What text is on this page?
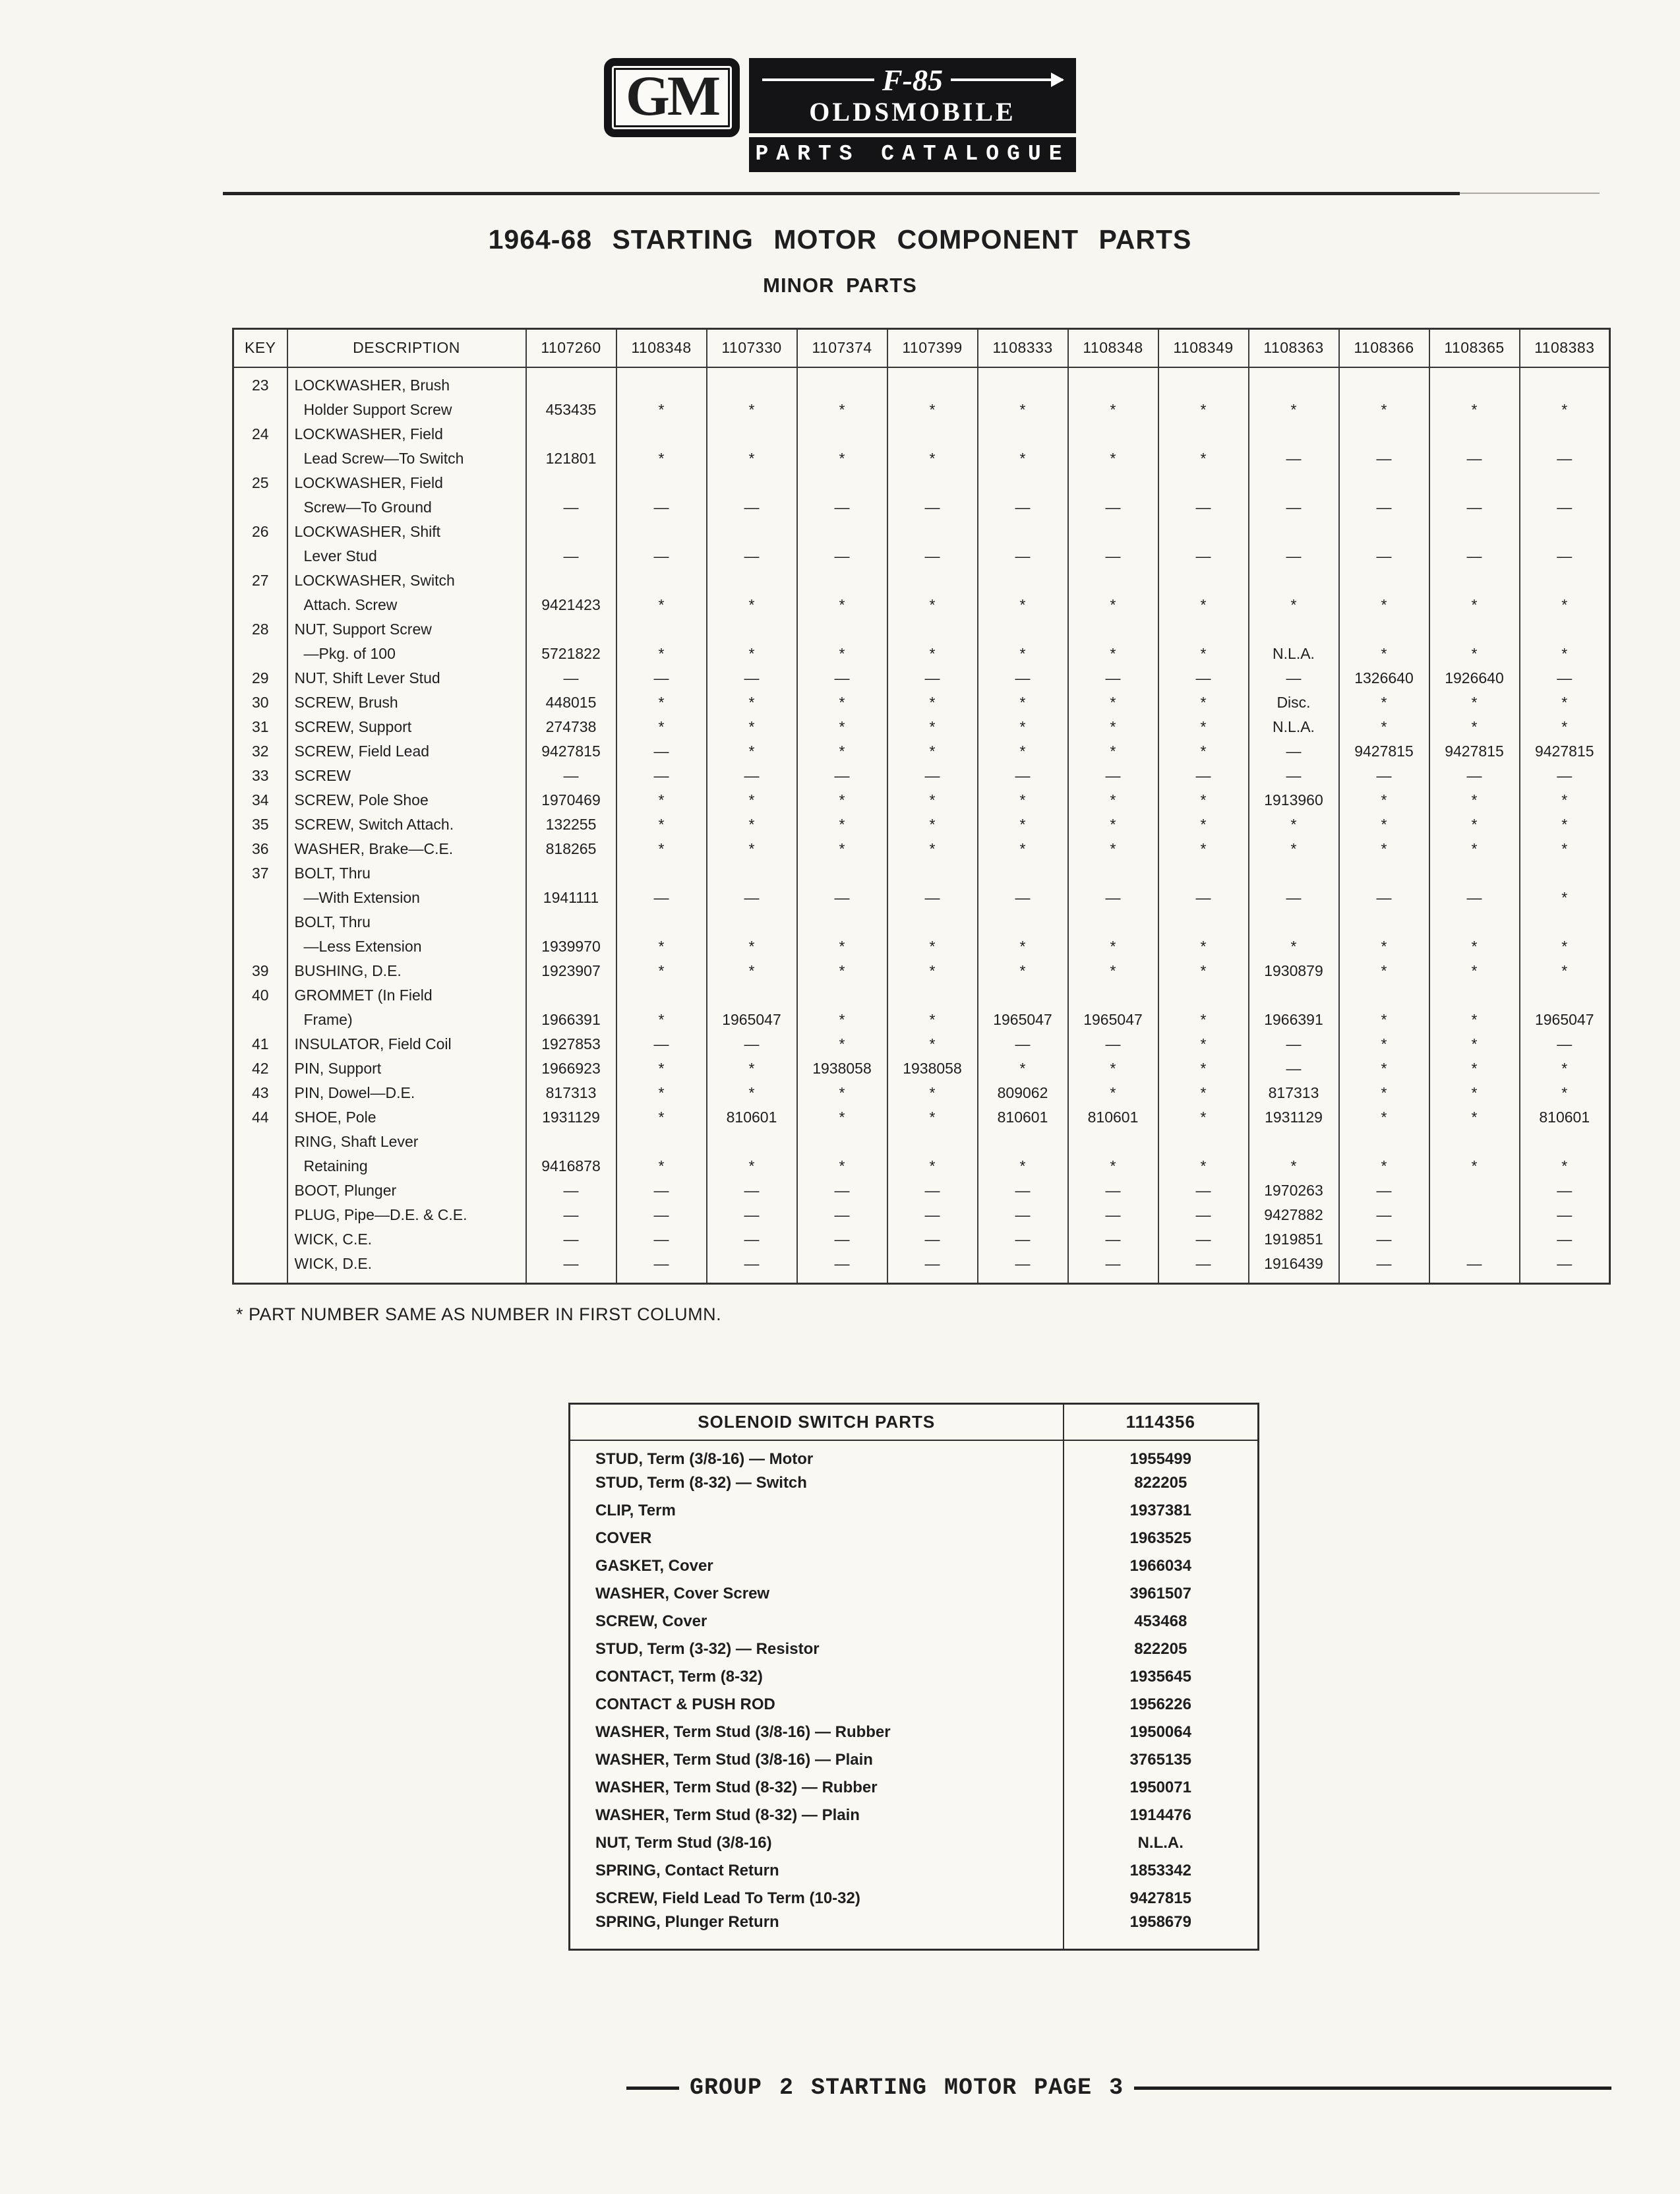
GM	F-85
OLDSMOBILE
PARTS CATALOGUE
1964-68 STARTING MOTOR COMPONENT PARTS
MINOR PARTS
KEY	DESCRIPTION	1107260	1108348	1107330	1107374	1107399	1108333	1108348	1108349	1108363	1108366	1108365	1108383
23	LOCKWASHER, Brush
Holder Support Screw	453435	*	*	*	*	*	*	*	*	*	*	*
24	LOCKWASHER, Field
Lead Screw—To Switch	121801	*	*	*	*	*	*	*	—	—	—	—
25	LOCKWASHER, Field
Screw—To Ground	—	—	—	—	—	—	—	—	—	—	—	—
26	LOCKWASHER, Shift
Lever Stud	—	—	—	—	—	—	—	—	—	—	—	—
27	LOCKWASHER, Switch
Attach. Screw	9421423	*	*	*	*	*	*	*	*	*	*	*
28	NUT, Support Screw
—Pkg. of 100	5721822	*	*	*	*	*	*	*	N.L.A.	*	*	*
29	NUT, Shift Lever Stud	—	—	—	—	—	—	—	—	—	1326640	1926640	—
30	SCREW, Brush	448015	*	*	*	*	*	*	*	Disc.	*	*	*
31	SCREW, Support	274738	*	*	*	*	*	*	*	N.L.A.	*	*	*
32	SCREW, Field Lead	9427815	—	*	*	*	*	*	*	—	9427815	9427815	9427815
33	SCREW	—	—	—	—	—	—	—	—	—	—	—	—
34	SCREW, Pole Shoe	1970469	*	*	*	*	*	*	*	1913960	*	*	*
35	SCREW, Switch Attach.	132255	*	*	*	*	*	*	*	*	*	*	*
36	WASHER, Brake—C.E.	818265	*	*	*	*	*	*	*	*	*	*	*
37	BOLT, Thru
—With Extension	1941111	—	—	—	—	—	—	—	—	—	—	*

	BOLT, Thru
—Less Extension	1939970	*	*	*	*	*	*	*	*	*	*	*
39	BUSHING, D.E.	1923907	*	*	*	*	*	*	*	1930879	*	*	*
40	GROMMET (In Field
Frame)	1966391	*	1965047	*	*	1965047	1965047	*	1966391	*	*	1965047
41	INSULATOR, Field Coil	1927853	—	—	*	*	—	—	*	—	*	*	—
42	PIN, Support	1966923	*	*	1938058	1938058	*	*	*	—	*	*	*
43	PIN, Dowel—D.E.	817313	*	*	*	*	809062	*	*	817313	*	*	*
44	SHOE, Pole	1931129	*	810601	*	*	810601	810601	*	1931129	*	*	810601

	RING, Shaft Lever
Retaining	9416878	*	*	*	*	*	*	*	*	*	*	*

	BOOT, Plunger	—	—	—	—	—	—	—	—	1970263	—		—

	PLUG, Pipe—D.E. & C.E.	—	—	—	—	—	—	—	—	9427882	—		—

	WICK, C.E.	—	—	—	—	—	—	—	—	1919851	—		—

	WICK, D.E.	—	—	—	—	—	—	—	—	1916439	—	—	—
* PART NUMBER SAME AS NUMBER IN FIRST COLUMN.
SOLENOID SWITCH PARTS	1114356
STUD, Term (3/8-16) — Motor	1955499
STUD, Term (8-32) — Switch	822205
CLIP, Term	1937381
COVER	1963525
GASKET, Cover	1966034
WASHER, Cover Screw	3961507
SCREW, Cover	453468
STUD, Term (3-32) — Resistor	822205
CONTACT, Term (8-32)	1935645
CONTACT & PUSH ROD	1956226
WASHER, Term Stud (3/8-16) — Rubber	1950064
WASHER, Term Stud (3/8-16) — Plain	3765135
WASHER, Term Stud (8-32) — Rubber	1950071
WASHER, Term Stud (8-32) — Plain	1914476
NUT, Term Stud (3/8-16)	N.L.A.
SPRING, Contact Return	1853342
SCREW, Field Lead To Term (10-32)	9427815
SPRING, Plunger Return	1958679
GROUP 2 STARTING MOTOR PAGE 3
